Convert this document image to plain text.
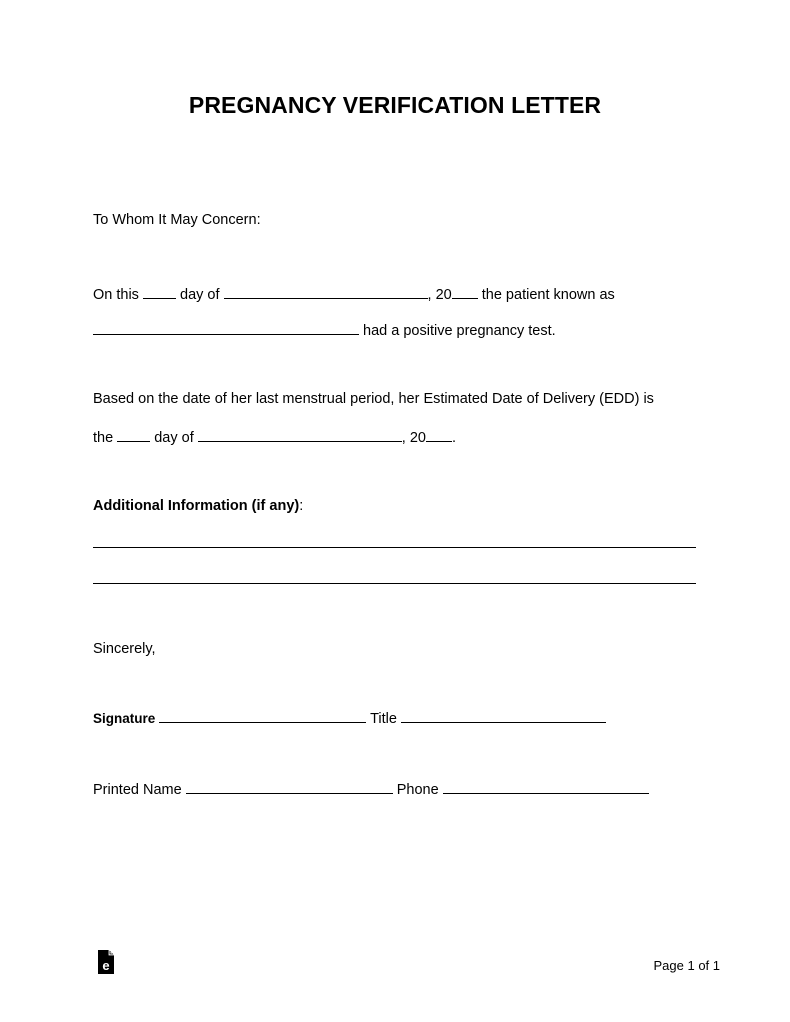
PREGNANCY VERIFICATION LETTER
To Whom It May Concern:
On this	day of	, 20 the patient known as
had a positive pregnancy test.
Based on the date of her last menstrual period, her Estimated Date of Delivery (EDD) is
the	day of	, 20 .
Additional Information (if any):
Sincerely,
Signature	Title
Printed Name	Phone
e	Page 1 of 1
